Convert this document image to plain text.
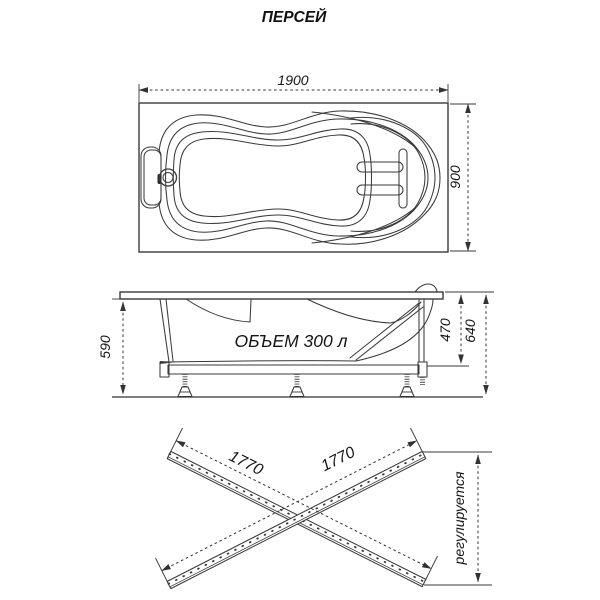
ПЕРСЕЙ
1900
900
ОБЪЕМ 300 л
590
470 640
1770	1770
регулируется
